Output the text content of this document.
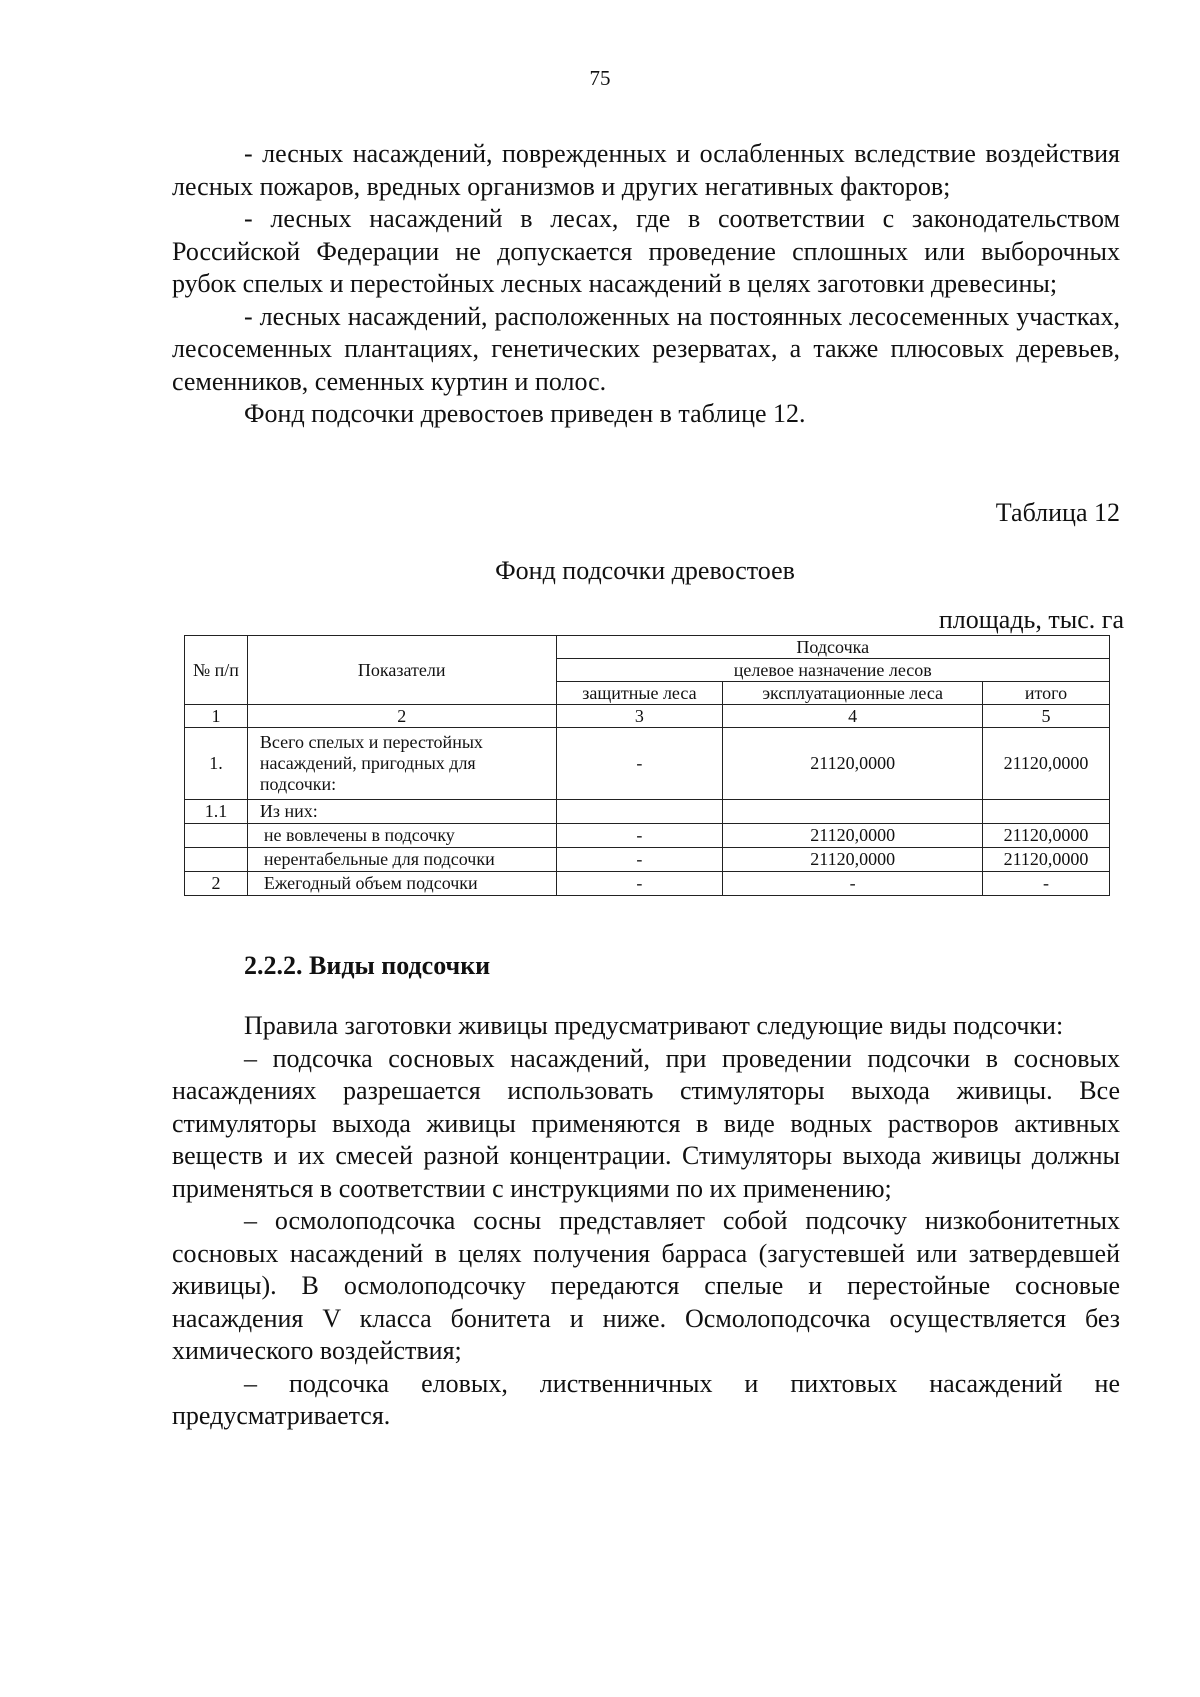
75

- лесных насаждений, поврежденных и ослабленных вследствие воздействия лесных пожаров, вредных организмов и других негативных факторов;

- лесных насаждений в лесах, где в соответствии с законодательством Российской Федерации не допускается проведение сплошных или выборочных рубок спелых и перестойных лесных насаждений в целях заготовки древесины;

- лесных насаждений, расположенных на постоянных лесосеменных участках, лесосеменных плантациях, генетических резерватах, а также плюсовых деревьев, семенников, семенных куртин и полос.

Фонд подсочки древостоев приведен в таблице 12.

Таблица 12
Фонд подсочки древостоев
площадь, тыс. га
№ п/п	Показатели	Подсочка		
		целевое назначение лесов		
		защитные леса	эксплуатационные леса	итого
1	2	3	4	5
1.	Всего спелых и перестойных насаждений, пригодных для подсочки:	-	21120,0000	21120,0000
1.1	Из них:			
	не вовлечены в подсочку	-	21120,0000	21120,0000
	нерентабельные для подсочки	-	21120,0000	21120,0000
2	Ежегодный объем подсочки	-	-	-
2.2.2. Виды подсочки

Правила заготовки живицы предусматривают следующие виды подсочки:

– подсочка сосновых насаждений, при проведении подсочки в сосновых насаждениях разрешается использовать стимуляторы выхода живицы. Все стимуляторы выхода живицы применяются в виде водных растворов активных веществ и их смесей разной концентрации. Стимуляторы выхода живицы должны применяться в соответствии с инструкциями по их применению;

– осмолоподсочка сосны представляет собой подсочку низкобонитетных сосновых насаждений в целях получения барраса (загустевшей или затвердевшей живицы). В осмолоподсочку передаются спелые и перестойные сосновые насаждения V класса бонитета и ниже. Осмолоподсочка осуществляется без химического воздействия;

– подсочка еловых, лиственничных и пихтовых насаждений не предусматривается.
